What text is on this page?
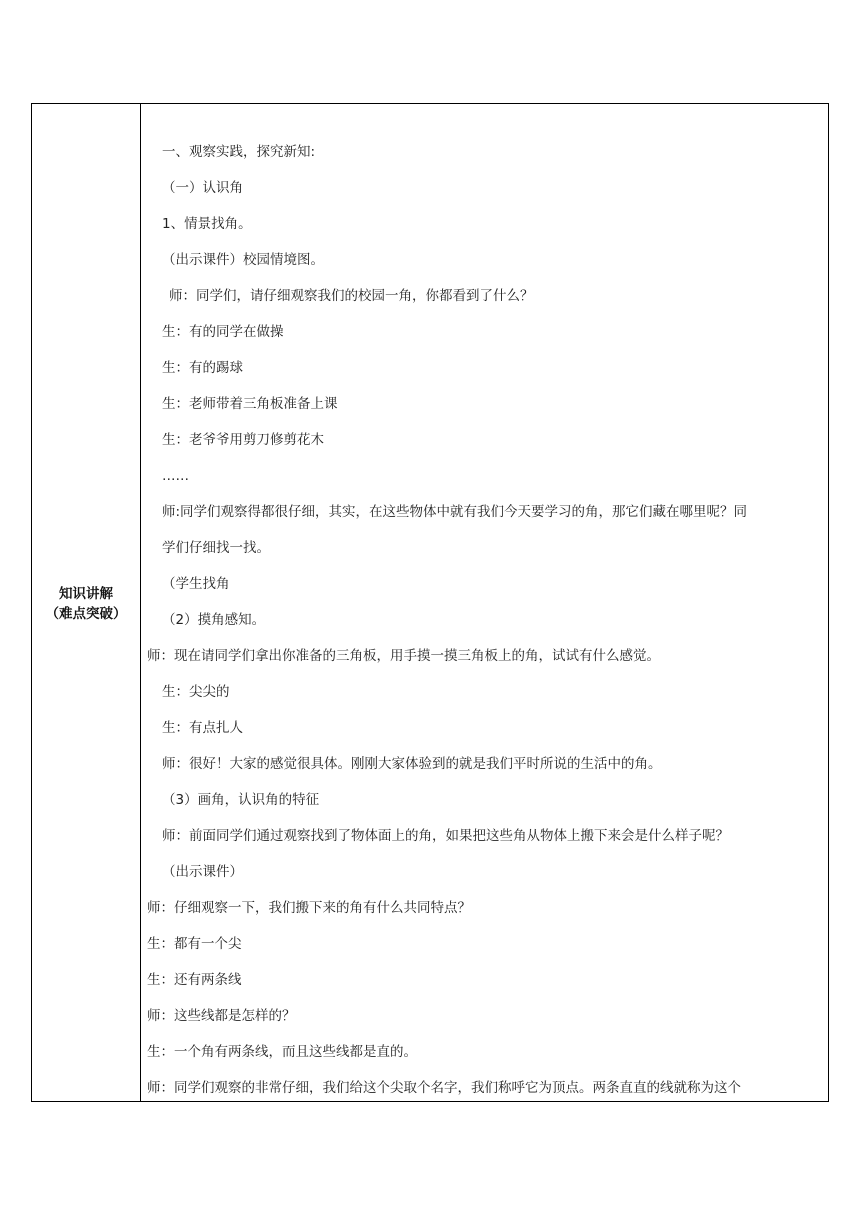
知识讲解
（难点突破）

一、观察实践，探究新知:
（一）认识角
1、情景找角。
（出示课件）校园情境图。
师：同学们，请仔细观察我们的校园一角，你都看到了什么？
生：有的同学在做操
生：有的踢球
生：老师带着三角板准备上课
生：老爷爷用剪刀修剪花木
……
师:同学们观察得都很仔细，其实，在这些物体中就有我们今天要学习的角，那它们藏在哪里呢？同
学们仔细找一找。
（学生找角
（2）摸角感知。
师：现在请同学们拿出你准备的三角板，用手摸一摸三角板上的角，试试有什么感觉。
生：尖尖的
生：有点扎人
师：很好！大家的感觉很具体。刚刚大家体验到的就是我们平时所说的生活中的角。
（3）画角，认识角的特征
师：前面同学们通过观察找到了物体面上的角，如果把这些角从物体上搬下来会是什么样子呢？
（出示课件）
师：仔细观察一下，我们搬下来的角有什么共同特点？
生：都有一个尖
生：还有两条线
师：这些线都是怎样的？
生：一个角有两条线，而且这些线都是直的。
师：同学们观察的非常仔细，我们给这个尖取个名字，我们称呼它为顶点。两条直直的线就称为这个
